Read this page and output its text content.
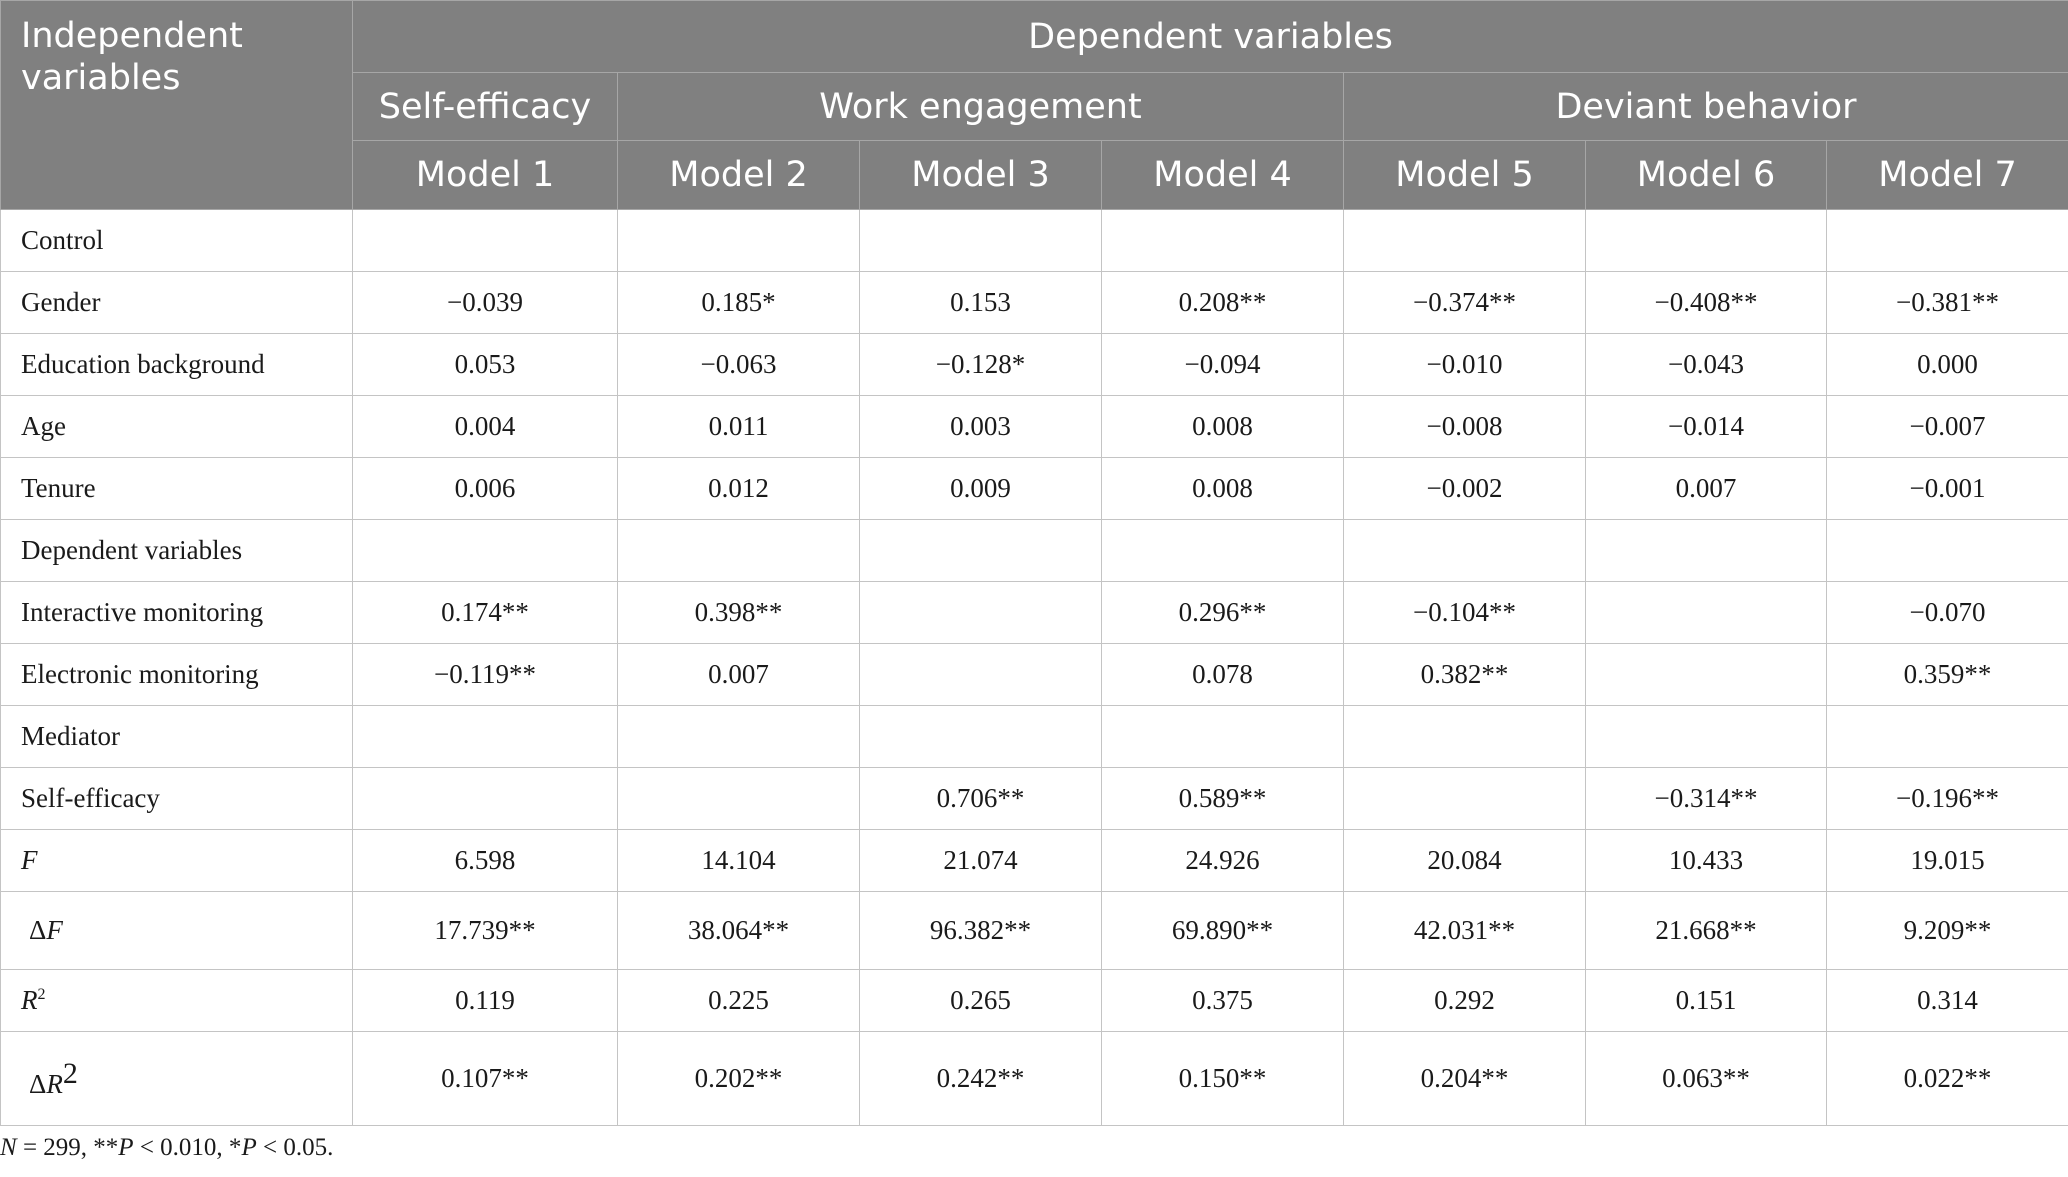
Independent variables	Dependent variables						
	Self-efficacy	Work engagement			Deviant behavior		
	Model 1	Model 2	Model 3	Model 4	Model 5	Model 6	Model 7
Control							
Gender	−0.039	0.185*	0.153	0.208**	−0.374**	−0.408**	−0.381**
Education background	0.053	−0.063	−0.128*	−0.094	−0.010	−0.043	0.000
Age	0.004	0.011	0.003	0.008	−0.008	−0.014	−0.007
Tenure	0.006	0.012	0.009	0.008	−0.002	0.007	−0.001
Dependent variables							
Interactive monitoring	0.174**	0.398**		0.296**	−0.104**		−0.070
Electronic monitoring	−0.119**	0.007		0.078	0.382**		0.359**
Mediator							
Self-efficacy			0.706**	0.589**		−0.314**	−0.196**
F	6.598	14.104	21.074	24.926	20.084	10.433	19.015
ΔF	17.739**	38.064**	96.382**	69.890**	42.031**	21.668**	9.209**
$R^2$	0.119	0.225	0.265	0.375	0.292	0.151	0.314
ΔR2	0.107**	0.202**	0.242**	0.150**	0.204**	0.063**	0.022**
N = 299, **P < 0.010, *P < 0.05.
